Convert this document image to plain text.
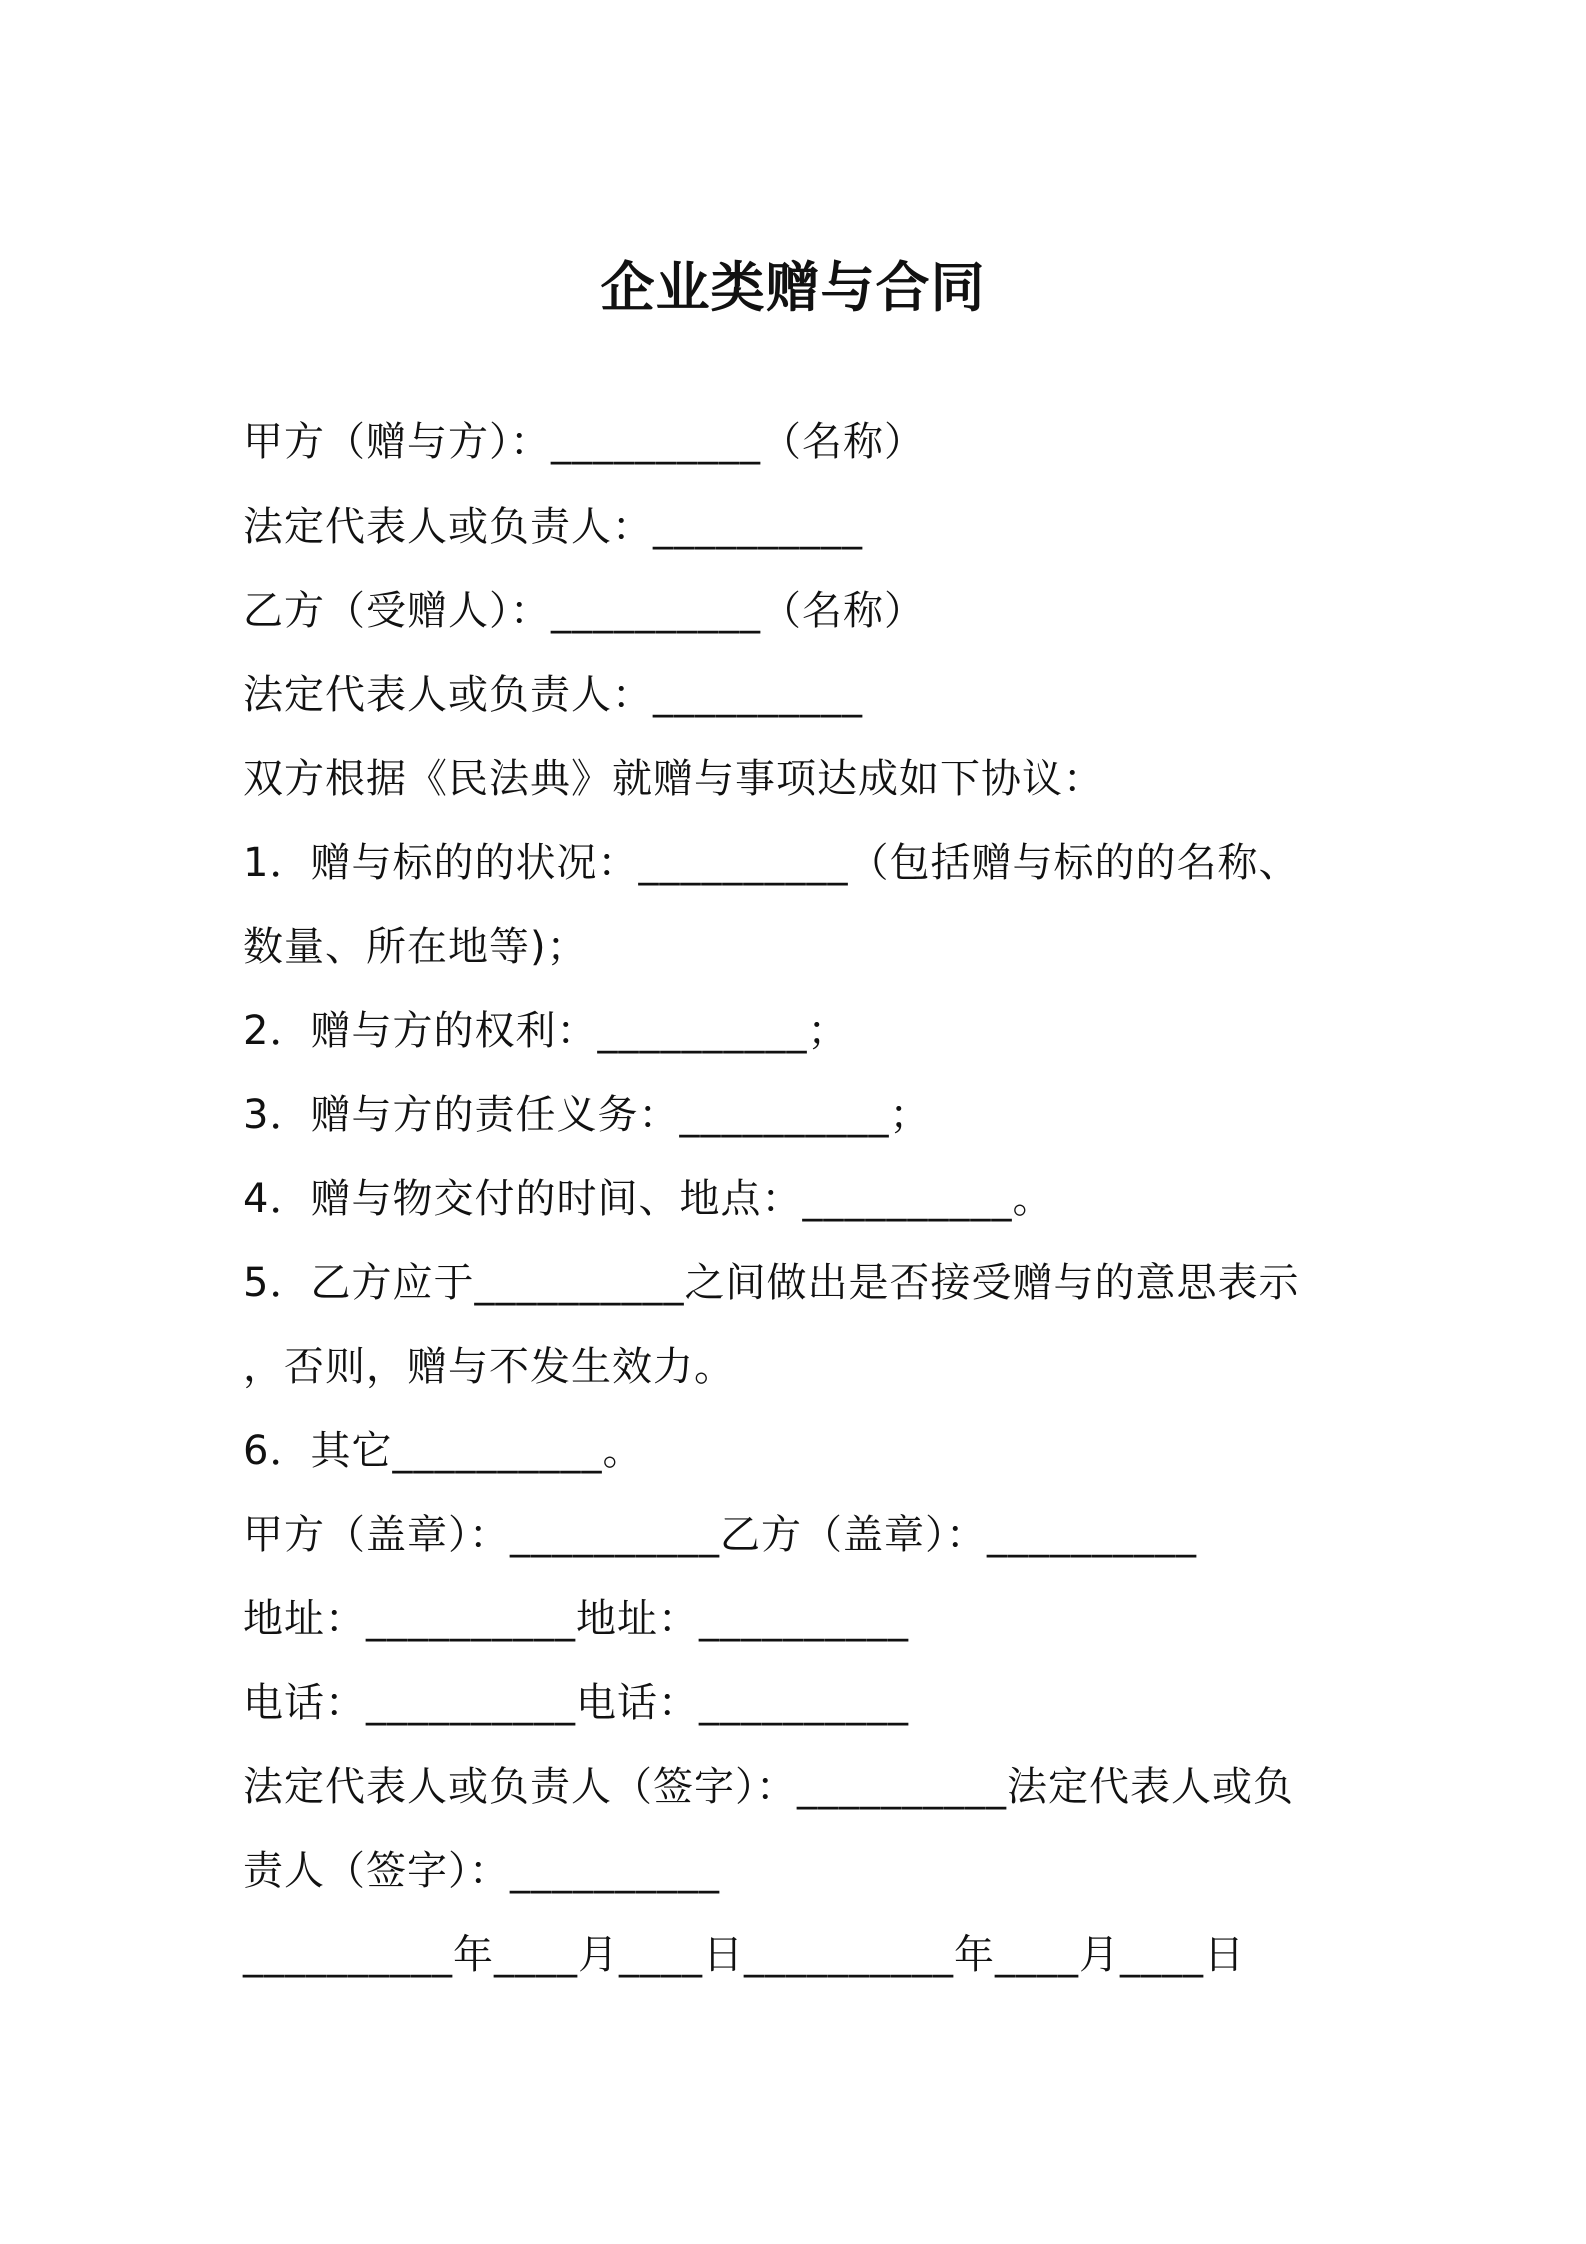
企业类赠与合同
甲方（赠与方）：__________（名称）
法定代表人或负责人：__________
乙方（受赠人）：__________（名称）
法定代表人或负责人：__________
双方根据《民法典》就赠与事项达成如下协议：
1．赠与标的的状况：__________（包括赠与标的的名称、
数量、所在地等)；
2．赠与方的权利：__________；
3．赠与方的责任义务：__________；
4．赠与物交付的时间、地点：__________。
5．乙方应于__________之间做出是否接受赠与的意思表示
，否则，赠与不发生效力。
6．其它__________。
甲方（盖章）：__________乙方（盖章）：__________
地址：__________地址：__________
电话：__________电话：__________
法定代表人或负责人（签字）：__________法定代表人或负
责人（签字）：__________
__________年____月____日__________年____月____日
